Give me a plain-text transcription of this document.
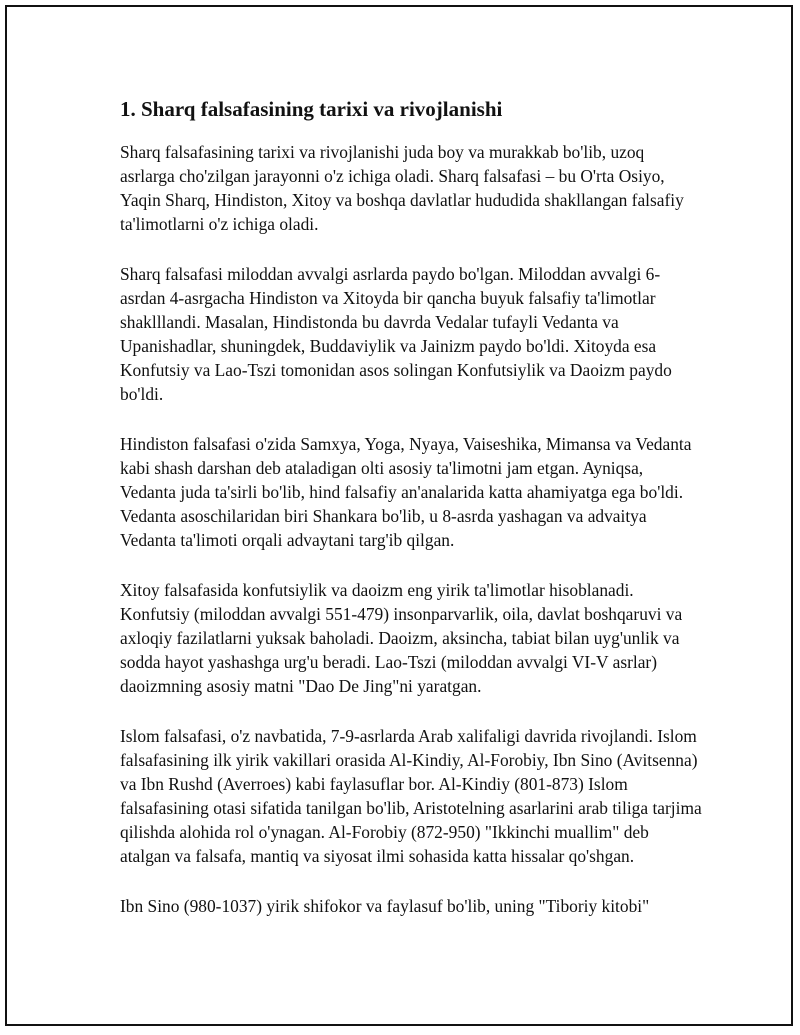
1. Sharq falsafasining tarixi va rivojlanishi

Sharq falsafasining tarixi va rivojlanishi juda boy va murakkab bo'lib, uzoq asrlarga cho'zilgan jarayonni o'z ichiga oladi. Sharq falsafasi – bu O'rta Osiyo, Yaqin Sharq, Hindiston, Xitoy va boshqa davlatlar hududida shakllangan falsafiy ta'limotlarni o'z ichiga oladi.

Sharq falsafasi miloddan avvalgi asrlarda paydo bo'lgan. Miloddan avvalgi 6-asrdan 4-asrgacha Hindiston va Xitoyda bir qancha buyuk falsafiy ta'limotlar shaklllandi. Masalan, Hindistonda bu davrda Vedalar tufayli Vedanta va Upanishadlar, shuningdek, Buddaviylik va Jainizm paydo bo'ldi. Xitoyda esa Konfutsiy va Lao-Tszi tomonidan asos solingan Konfutsiylik va Daoizm paydo bo'ldi.

Hindiston falsafasi o'zida Samxya, Yoga, Nyaya, Vaiseshika, Mimansa va Vedanta kabi shash darshan deb ataladigan olti asosiy ta'limotni jam etgan. Ayniqsa, Vedanta juda ta'sirli bo'lib, hind falsafiy an'analarida katta ahamiyatga ega bo'ldi. Vedanta asoschilaridan biri Shankara bo'lib, u 8-asrda yashagan va advaitya Vedanta ta'limoti orqali advaytani targ'ib qilgan.

Xitoy falsafasida konfutsiylik va daoizm eng yirik ta'limotlar hisoblanadi. Konfutsiy (miloddan avvalgi 551-479) insonparvarlik, oila, davlat boshqaruvi va axloqiy fazilatlarni yuksak baholadi. Daoizm, aksincha, tabiat bilan uyg'unlik va sodda hayot yashashga urg'u beradi. Lao-Tszi (miloddan avvalgi VI-V asrlar) daoizmning asosiy matni "Dao De Jing"ni yaratgan.

Islom falsafasi, o'z navbatida, 7-9-asrlarda Arab xalifaligi davrida rivojlandi. Islom falsafasining ilk yirik vakillari orasida Al-Kindiy, Al-Forobiy, Ibn Sino (Avitsenna) va Ibn Rushd (Averroes) kabi faylasuflar bor. Al-Kindiy (801-873) Islom falsafasining otasi sifatida tanilgan bo'lib, Aristotelning asarlarini arab tiliga tarjima qilishda alohida rol o'ynagan. Al-Forobiy (872-950) "Ikkinchi muallim" deb atalgan va falsafa, mantiq va siyosat ilmi sohasida katta hissalar qo'shgan.

Ibn Sino (980-1037) yirik shifokor va faylasuf bo'lib, uning "Tiboriy kitobi"
